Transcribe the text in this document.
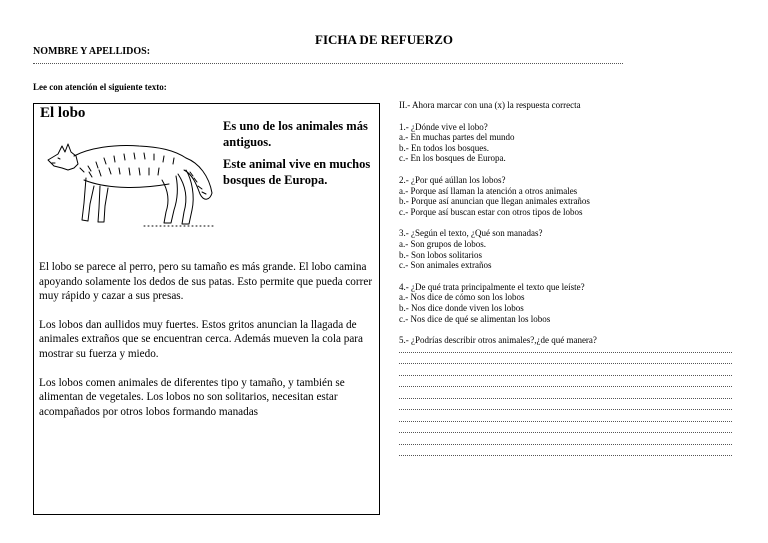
FICHA DE REFUERZO
NOMBRE Y APELLIDOS:
Lee con atención el siguiente texto:
El lobo

Es uno de los animales más antiguos.

Este animal vive en muchos bosques de Europa.

El lobo se parece al perro, pero su tamaño es más grande. El lobo camina apoyando solamente los dedos de sus patas. Esto permite que pueda correr muy rápido y cazar a sus presas.

Los lobos dan aullidos muy fuertes. Estos gritos anuncian la llagada de animales extraños que se encuentran cerca. Además mueven la cola para mostrar su fuerza y miedo.

Los lobos comen animales de diferentes tipo y tamaño, y también se alimentan de vegetales. Los lobos no son solitarios, necesitan estar acompañados por otros lobos formando manadas

II.- Ahora marcar con una (x) la respuesta correcta
1.- ¿Dónde vive el lobo?
a.- En muchas partes del mundo
b.- En todos los bosques.
c.- En los bosques de Europa.
2.- ¿Por qué aúllan los lobos?
a.- Porque así llaman la atención a otros animales
b.- Porque así anuncian que llegan animales extraños
c.- Porque así buscan estar con otros tipos de lobos
3.- ¿Según el texto, ¿Qué son manadas?
a.- Son grupos de lobos.
b.- Son lobos solitarios
c.- Son animales extraños
4.- ¿De qué trata principalmente el texto que leíste?
a.- Nos dice de cómo son los lobos
b.- Nos dice donde viven los lobos
c.- Nos dice de qué se alimentan los lobos
5.- ¿Podrías describir otros animales?,¿de qué manera?
